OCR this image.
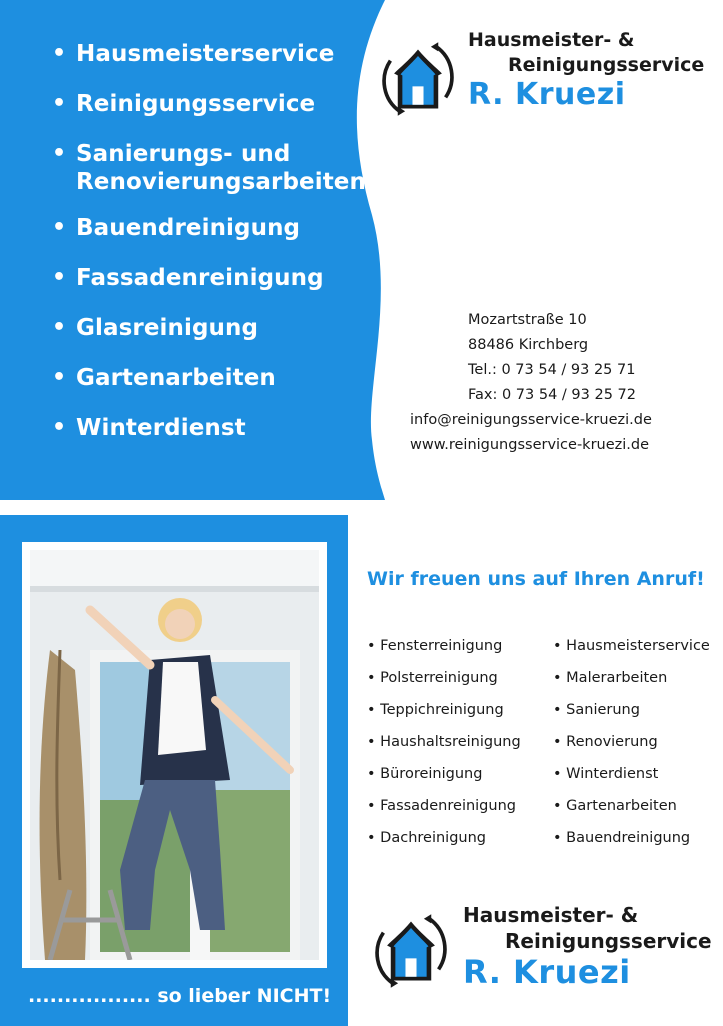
• Hausmeisterservice
• Reinigungsservice
• Sanierungs- und
Renovierungsarbeiten
• Bauendreinigung
• Fassadenreinigung
• Glasreinigung
• Gartenarbeiten
• Winterdienst
Hausmeister- &
Reinigungsservice
R. Kruezi
Mozartstraße 10
88486 Kirchberg
Tel.: 0 73 54 / 93 25 71
Fax: 0 73 54 / 93 25 72
info@reinigungsservice-kruezi.de
www.reinigungsservice-kruezi.de
................. so lieber NICHT!
Wir freuen uns auf Ihren Anruf!
• Fensterreinigung
• Polsterreinigung
• Teppichreinigung
• Haushaltsreinigung
• Büroreinigung
• Fassadenreinigung
• Dachreinigung
• Hausmeisterservice
• Malerarbeiten
• Sanierung
• Renovierung
• Winterdienst
• Gartenarbeiten
• Bauendreinigung
Hausmeister- &
Reinigungsservice
R. Kruezi
